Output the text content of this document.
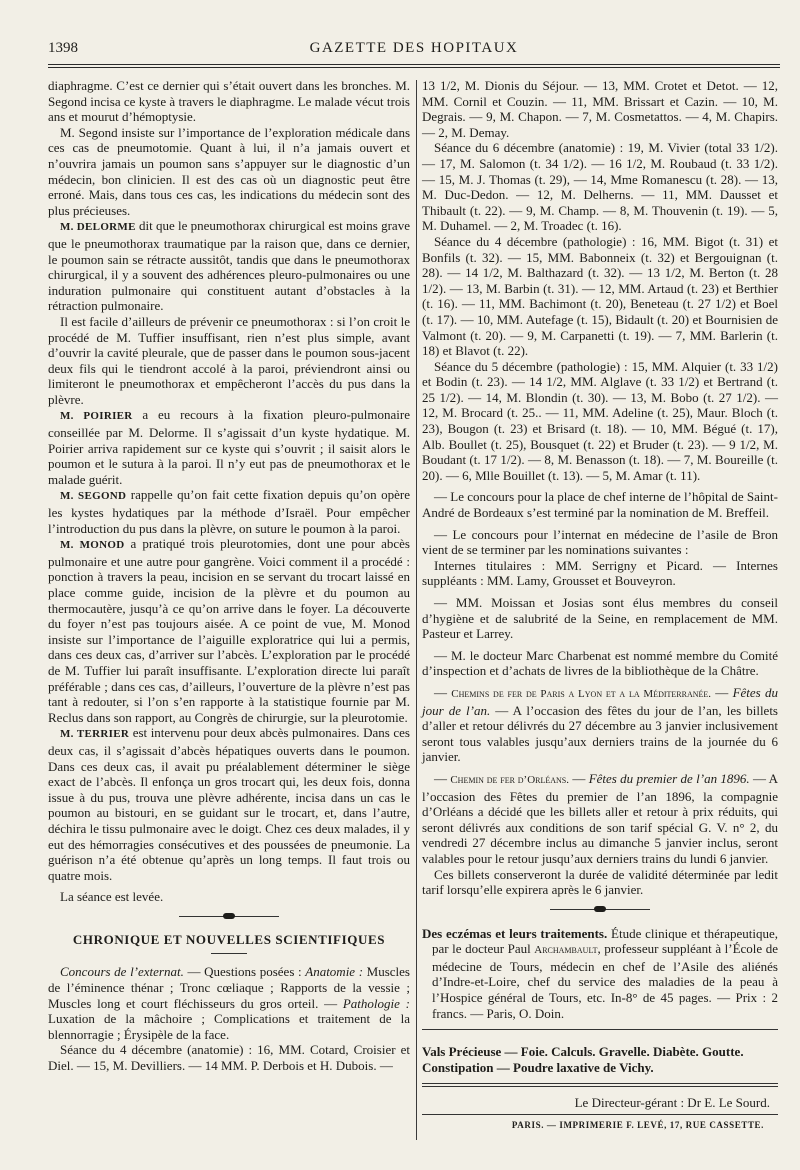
1398	GAZETTE DES HOPITAUX

diaphragme. C’est ce dernier qui s’était ouvert dans les bronches. M. Segond incisa ce kyste à travers le diaphragme. Le malade vécut trois ans et mourut d’hémoptysie.

M. Segond insiste sur l’importance de l’exploration médicale dans ces cas de pneumotomie. Quant à lui, il n’a jamais ouvert et n’ouvrira jamais un poumon sans s’appuyer sur le diagnostic d’un médecin, bon clinicien. Il est des cas où un diagnostic peut être erroné. Mais, dans tous ces cas, les indications du médecin sont des plus précieuses.

M. DELORME dit que le pneumothorax chirurgical est moins grave que le pneumothorax traumatique par la raison que, dans ce dernier, le poumon sain se rétracte aussitôt, tandis que dans le pneumothorax chirurgical, il y a souvent des adhérences pleuro-pulmonaires ou une induration pulmonaire qui constituent autant d’obstacles à la rétraction pulmonaire.

Il est facile d’ailleurs de prévenir ce pneumothorax : si l’on croit le procédé de M. Tuffier insuffisant, rien n’est plus simple, avant d’ouvrir la cavité pleurale, que de passer dans le poumon sous-jacent deux fils qui le tiendront accolé à la paroi, préviendront ainsi ou limiteront le pneumothorax et empêcheront l’accès du pus dans la plèvre.

M. POIRIER a eu recours à la fixation pleuro-pulmonaire conseillée par M. Delorme. Il s’agissait d’un kyste hydatique. M. Poirier arriva rapidement sur ce kyste qui s’ouvrit ; il saisit alors le poumon et le sutura à la paroi. Il n’y eut pas de pneumothorax et le malade guérit.

M. SEGOND rappelle qu’on fait cette fixation depuis qu’on opère les kystes hydatiques par la méthode d’Israël. Pour empêcher l’introduction du pus dans la plèvre, on suture le poumon à la paroi.

M. MONOD a pratiqué trois pleurotomies, dont une pour abcès pulmonaire et une autre pour gangrène. Voici comment il a procédé : ponction à travers la peau, incision en se servant du trocart laissé en place comme guide, incision de la plèvre et du poumon au thermocautère, jusqu’à ce qu’on arrive dans le foyer. La découverte du foyer n’est pas toujours aisée. A ce point de vue, M. Monod insiste sur l’importance de l’aiguille exploratrice qui lui a permis, dans ces deux cas, d’arriver sur l’abcès. L’exploration par le procédé de M. Tuffier lui paraît insuffisante. L’exploration directe lui paraît préférable ; dans ces cas, d’ailleurs, l’ouverture de la plèvre n’est pas tant à redouter, si l’on s’en rapporte à la statistique fournie par M. Reclus dans son rapport, au Congrès de chirurgie, sur la pleurotomie.

M. TERRIER est intervenu pour deux abcès pulmonaires. Dans ces deux cas, il s’agissait d’abcès hépatiques ouverts dans le poumon. Dans ces deux cas, il avait pu préalablement déterminer le siège exact de l’abcès. Il enfonça un gros trocart qui, les deux fois, donna issue à du pus, trouva une plèvre adhérente, incisa dans un cas le poumon au bistouri, en se guidant sur le trocart, et, dans l’autre, déchira le tissu pulmonaire avec le doigt. Chez ces deux malades, il y eut des hémorragies consécutives et des poussées de pneumonie. La guérison n’a été obtenue qu’après un long temps. Il faut trois ou quatre mois.

La séance est levée.

CHRONIQUE ET NOUVELLES SCIENTIFIQUES

Concours de l’externat. — Questions posées : Anatomie : Muscles de l’éminence thénar ; Tronc cœliaque ; Rapports de la vessie ; Muscles long et court fléchisseurs du gros orteil. — Pathologie : Luxation de la mâchoire ; Complications et traitement de la blennorragie ; Érysipèle de la face.

Séance du 4 décembre (anatomie) : 16, MM. Cotard, Croisier et Diel. — 15, M. Devilliers. — 14 MM. P. Derbois et H. Dubois. —

13 1/2, M. Dionis du Séjour. — 13, MM. Crotet et Detot. — 12, MM. Cornil et Couzin. — 11, MM. Brissart et Cazin. — 10, M. Degrais. — 9, M. Chapon. — 7, M. Cosmetattos. — 4, M. Chapirs. — 2, M. Demay.

Séance du 6 décembre (anatomie) : 19, M. Vivier (total 33 1/2). — 17, M. Salomon (t. 34 1/2). — 16 1/2, M. Roubaud (t. 33 1/2). — 15, M. J. Thomas (t. 29), — 14, Mme Romanescu (t. 28). — 13, M. Duc-Dedon. — 12, M. Delherns. — 11, MM. Dausset et Thibault (t. 22). — 9, M. Champ. — 8, M. Thouvenin (t. 19). — 5, M. Duhamel. — 2, M. Troadec (t. 16).

Séance du 4 décembre (pathologie) : 16, MM. Bigot (t. 31) et Bonfils (t. 32). — 15, MM. Babonneix (t. 32) et Bergouignan (t. 28). — 14 1/2, M. Balthazard (t. 32). — 13 1/2, M. Berton (t. 28 1/2). — 13, M. Barbin (t. 31). — 12, MM. Artaud (t. 23) et Berthier (t. 16). — 11, MM. Bachimont (t. 20), Beneteau (t. 27 1/2) et Boel (t. 17). — 10, MM. Autefage (t. 15), Bidault (t. 20) et Bournisien de Valmont (t. 20). — 9, M. Carpanetti (t. 19). — 7, MM. Barlerin (t. 18) et Blavot (t. 22).

Séance du 5 décembre (pathologie) : 15, MM. Alquier (t. 33 1/2) et Bodin (t. 23). — 14 1/2, MM. Alglave (t. 33 1/2) et Bertrand (t. 25 1/2). — 14, M. Blondin (t. 30). — 13, M. Bobo (t. 27 1/2). — 12, M. Brocard (t. 25.. — 11, MM. Adeline (t. 25), Maur. Bloch (t. 23), Bougon (t. 23) et Brisard (t. 18). — 10, MM. Bégué (t. 17), Alb. Boullet (t. 25), Bousquet (t. 22) et Bruder (t. 23). — 9 1/2, M. Boudant (t. 17 1/2). — 8, M. Benasson (t. 18). — 7, M. Boureille (t. 20). — 6, Mlle Bouillet (t. 13). — 5, M. Amar (t. 11).

— Le concours pour la place de chef interne de l’hôpital de Saint-André de Bordeaux s’est terminé par la nomination de M. Breffeil.

— Le concours pour l’internat en médecine de l’asile de Bron vient de se terminer par les nominations suivantes :

Internes titulaires : MM. Serrigny et Picard. — Internes suppléants : MM. Lamy, Grousset et Bouveyron.

— MM. Moissan et Josias sont élus membres du conseil d’hygiène et de salubrité de la Seine, en remplacement de MM. Pasteur et Larrey.

— M. le docteur Marc Charbenat est nommé membre du Comité d’inspection et d’achats de livres de la bibliothèque de la Châtre.

— Chemins de fer de Paris a Lyon et a la Méditerranée. — Fêtes du jour de l’an. — A l’occasion des fêtes du jour de l’an, les billets d’aller et retour délivrés du 27 décembre au 3 janvier inclusivement seront tous valables jusqu’aux derniers trains de la journée du 6 janvier.

— Chemin de fer d’Orléans. — Fêtes du premier de l’an 1896. — A l’occasion des Fêtes du premier de l’an 1896, la compagnie d’Orléans a décidé que les billets aller et retour à prix réduits, qui seront délivrés aux conditions de son tarif spécial G. V. n° 2, du vendredi 27 décembre inclus au dimanche 5 janvier inclus, seront valables pour le retour jusqu’aux derniers trains du lundi 6 janvier.

Ces billets conserveront la durée de validité déterminée par ledit tarif lorsqu’elle expirera après le 6 janvier.

Des eczémas et leurs traitements. Étude clinique et thérapeutique, par le docteur Paul Archambault, professeur suppléant à l’École de médecine de Tours, médecin en chef de l’Asile des aliénés d’Indre-et-Loire, chef du service des maladies de la peau à l’Hospice général de Tours, etc. In-8° de 45 pages. — Prix : 2 francs. — Paris, O. Doin.

Vals Précieuse — Foie. Calculs. Gravelle. Diabète. Goutte.

Constipation — Poudre laxative de Vichy.

Le Directeur-gérant : Dr E. Le Sourd.

PARIS. — IMPRIMERIE F. LEVÉ, 17, RUE CASSETTE.
